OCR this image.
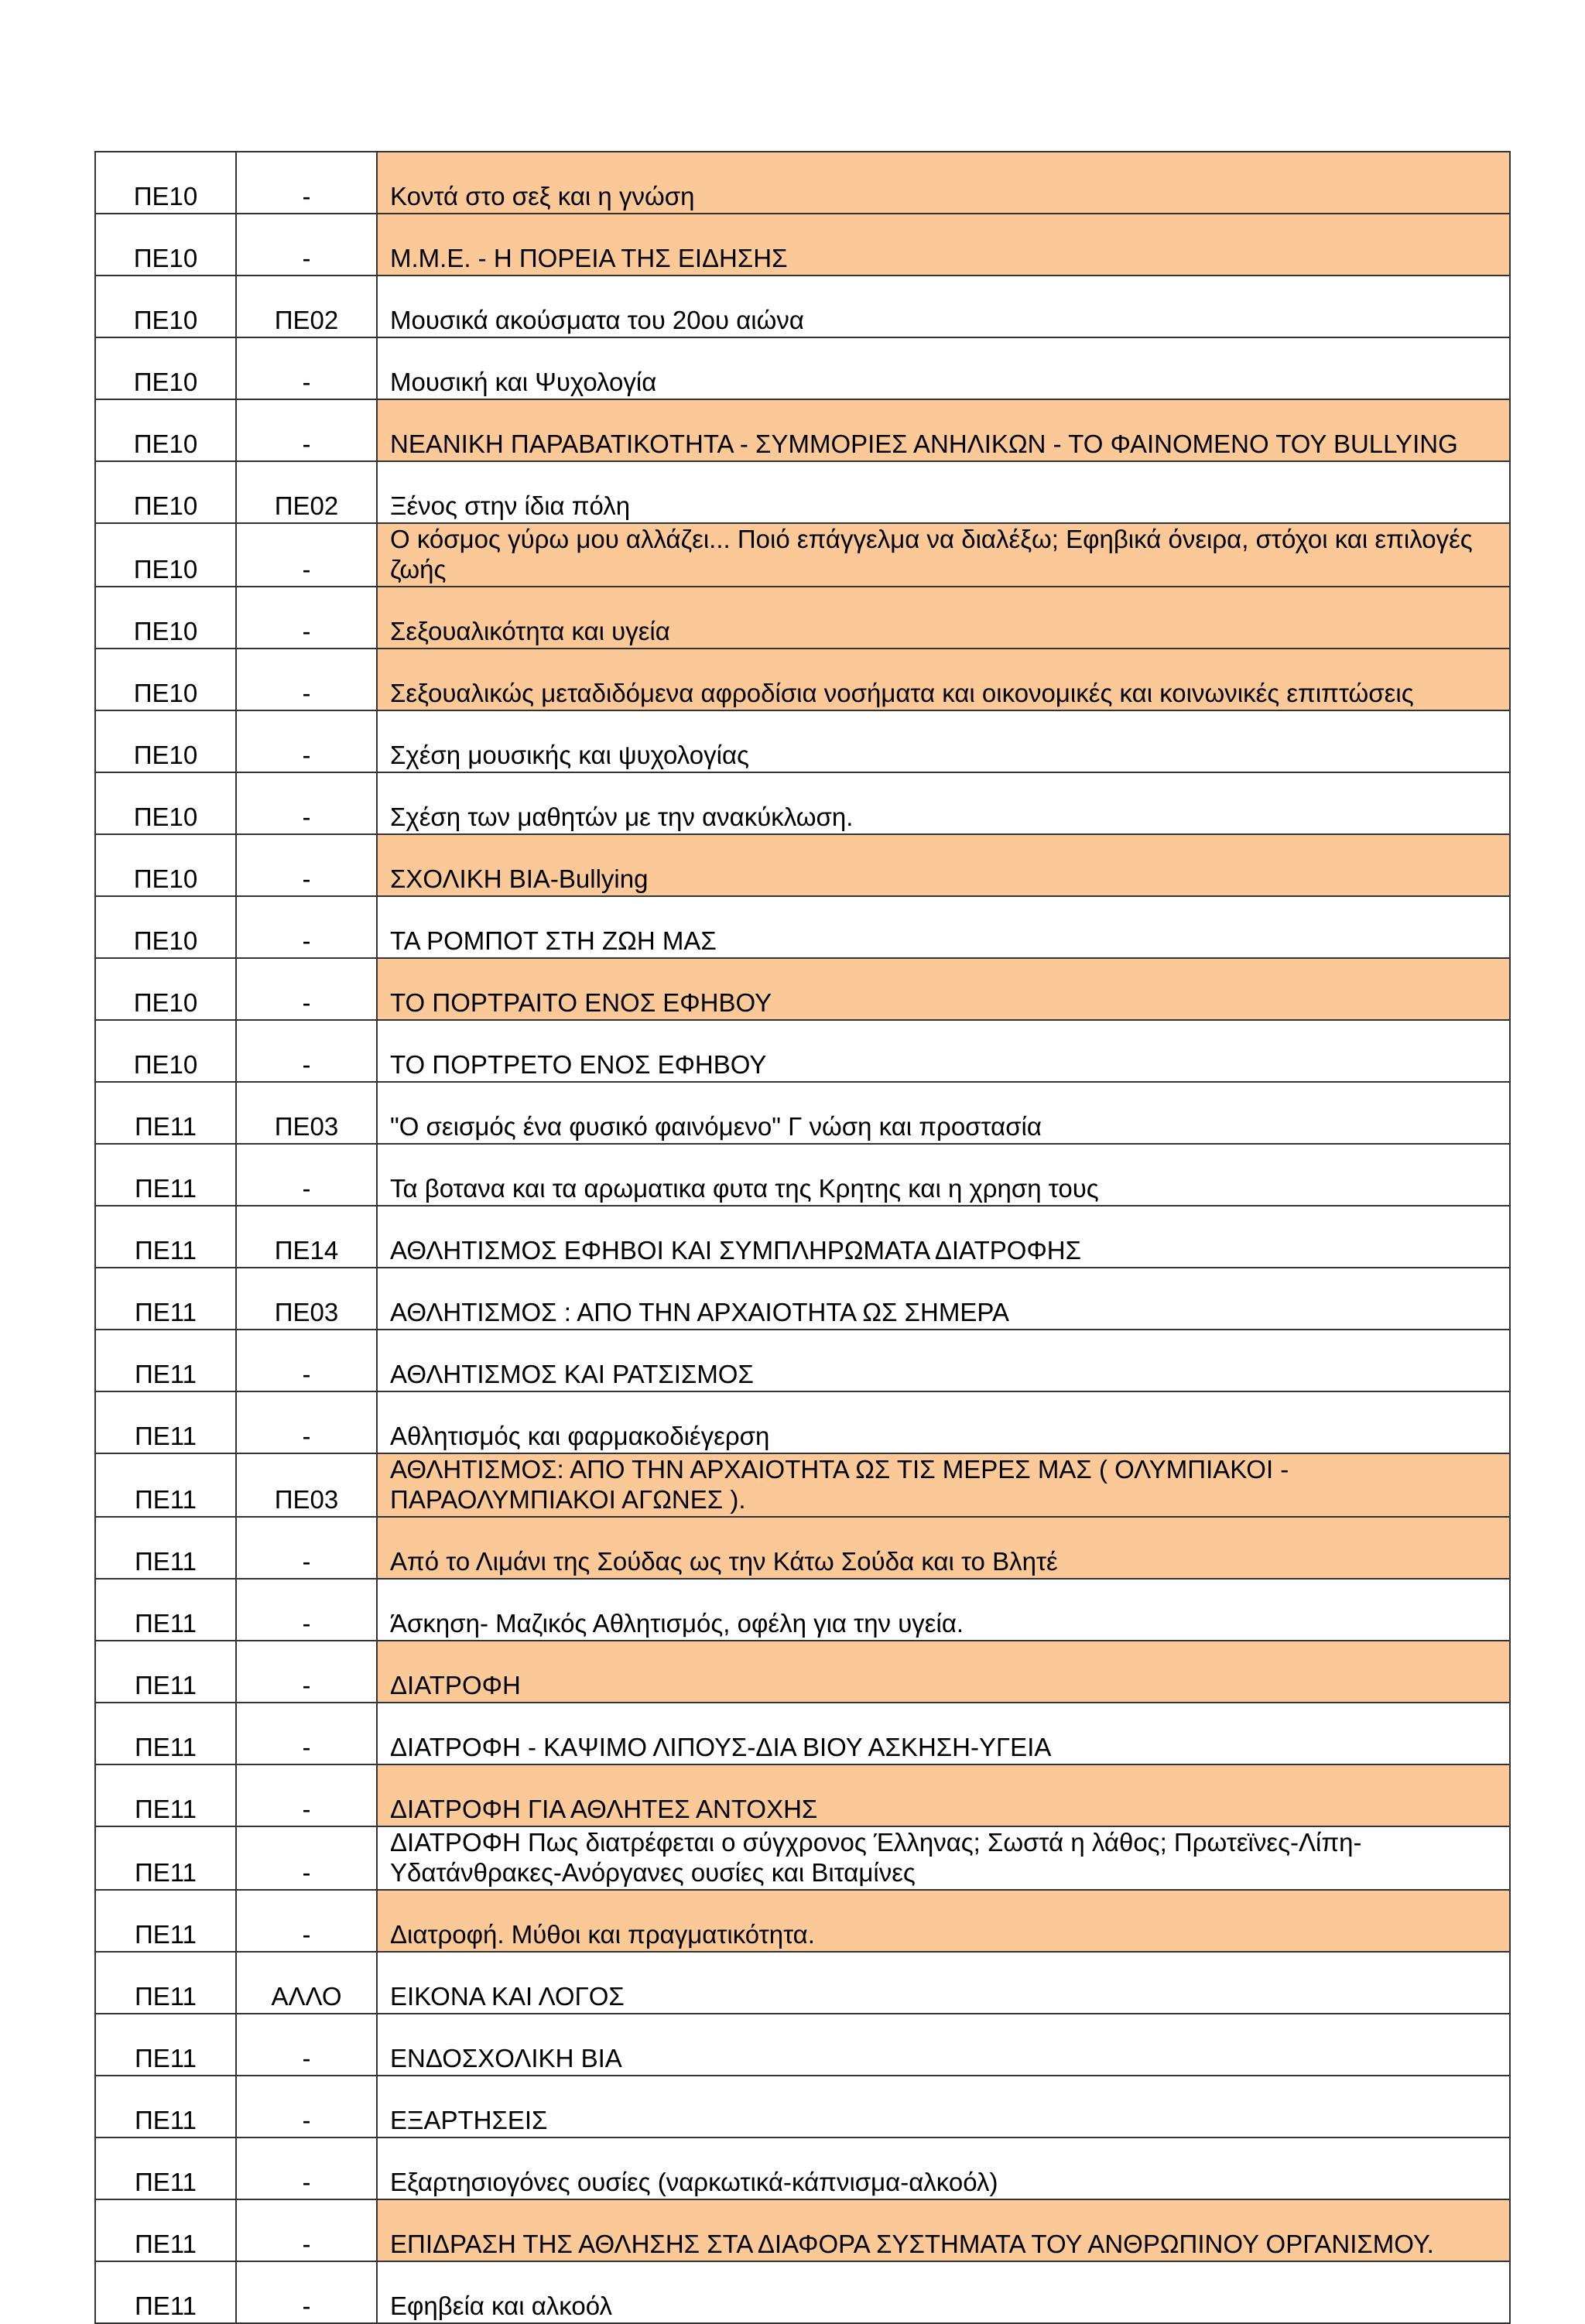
ΠΕ10	-	Κοντά στο σεξ και η γνώση
ΠΕ10	-	Μ.Μ.Ε. - Η ΠΟΡΕΙΑ ΤΗΣ ΕΙΔΗΣΗΣ
ΠΕ10	ΠΕ02	Μουσικά ακούσματα του 20ου αιώνα
ΠΕ10	-	Μουσική και Ψυχολογία
ΠΕ10	-	ΝΕΑΝΙΚΗ ΠΑΡΑΒΑΤΙΚΟΤΗΤΑ - ΣΥΜΜΟΡΙΕΣ ΑΝΗΛΙΚΩΝ - ΤΟ ΦΑΙΝΟΜΕΝΟ ΤΟΥ BULLYING
ΠΕ10	ΠΕ02	Ξένος στην ίδια πόλη
ΠΕ10	-	Ο κόσμος γύρω μου αλλάζει... Ποιό επάγγελμα να διαλέξω; Εφηβικά όνειρα, στόχοι και επιλογές ζωής
ΠΕ10	-	Σεξουαλικότητα και υγεία
ΠΕ10	-	Σεξουαλικώς μεταδιδόμενα αφροδίσια νοσήματα και οικονομικές και κοινωνικές επιπτώσεις
ΠΕ10	-	Σχέση μουσικής και ψυχολογίας
ΠΕ10	-	Σχέση των μαθητών με την ανακύκλωση.
ΠΕ10	-	ΣΧΟΛΙΚΗ ΒΙΑ-Bullying
ΠΕ10	-	ΤΑ ΡΟΜΠΟΤ ΣΤΗ ΖΩΗ ΜΑΣ
ΠΕ10	-	ΤΟ ΠΟΡΤΡΑΙΤΟ ΕΝΟΣ ΕΦΗΒΟΥ
ΠΕ10	-	ΤΟ ΠΟΡΤΡΕΤΟ ΕΝΟΣ ΕΦΗΒΟΥ
ΠΕ11	ΠΕ03	"Ο σεισμός ένα φυσικό φαινόμενο" Γ νώση και προστασία
ΠΕ11	-	Τα βοτανα και τα αρωματικα φυτα της Κρητης και η χρηση τους
ΠΕ11	ΠΕ14	ΑΘΛΗΤΙΣΜΟΣ ΕΦΗΒΟΙ ΚΑΙ ΣΥΜΠΛΗΡΩΜΑΤΑ ΔΙΑΤΡΟΦΗΣ
ΠΕ11	ΠΕ03	ΑΘΛΗΤΙΣΜΟΣ : ΑΠΟ ΤΗΝ ΑΡΧΑΙΟΤΗΤΑ ΩΣ ΣΗΜΕΡΑ
ΠΕ11	-	ΑΘΛΗΤΙΣΜΟΣ ΚΑΙ ΡΑΤΣΙΣΜΟΣ
ΠΕ11	-	Αθλητισμός και φαρμακοδιέγερση
ΠΕ11	ΠΕ03	ΑΘΛΗΤΙΣΜΟΣ: ΑΠΟ ΤΗΝ ΑΡΧΑΙΟΤΗΤΑ ΩΣ ΤΙΣ ΜΕΡΕΣ ΜΑΣ ( ΟΛΥΜΠΙΑΚΟΙ - ΠΑΡΑΟΛΥΜΠΙΑΚΟΙ ΑΓΩΝΕΣ ).
ΠΕ11	-	Από το Λιμάνι της Σούδας ως την Κάτω Σούδα και το Βλητέ
ΠΕ11	-	Άσκηση- Μαζικός Αθλητισμός, οφέλη για την υγεία.
ΠΕ11	-	ΔΙΑΤΡΟΦΗ
ΠΕ11	-	ΔΙΑΤΡΟΦΗ - ΚΑΨΙΜΟ ΛΙΠΟΥΣ-ΔΙΑ ΒΙΟΥ ΑΣΚΗΣΗ-ΥΓΕΙΑ
ΠΕ11	-	ΔΙΑΤΡΟΦΗ ΓΙΑ ΑΘΛΗΤΕΣ ΑΝΤΟΧΗΣ
ΠΕ11	-	ΔΙΑΤΡΟΦΗ Πως διατρέφεται ο σύγχρονος Έλληνας; Σωστά η λάθος; Πρωτεϊνες-Λίπη-Υδατάνθρακες-Ανόργανες ουσίες και Βιταμίνες
ΠΕ11	-	Διατροφή. Μύθοι και πραγματικότητα.
ΠΕ11	ΑΛΛΟ	ΕΙΚΟΝΑ ΚΑΙ ΛΟΓΟΣ
ΠΕ11	-	ΕΝΔΟΣΧΟΛΙΚΗ ΒΙΑ
ΠΕ11	-	ΕΞΑΡΤΗΣΕΙΣ
ΠΕ11	-	Εξαρτησιογόνες ουσίες (ναρκωτικά-κάπνισμα-αλκοόλ)
ΠΕ11	-	ΕΠΙΔΡΑΣΗ ΤΗΣ ΑΘΛΗΣΗΣ ΣΤΑ ΔΙΑΦΟΡΑ ΣΥΣΤΗΜΑΤΑ ΤΟΥ ΑΝΘΡΩΠΙΝΟΥ ΟΡΓΑΝΙΣΜΟΥ.
ΠΕ11	-	Εφηβεία και αλκοόλ
